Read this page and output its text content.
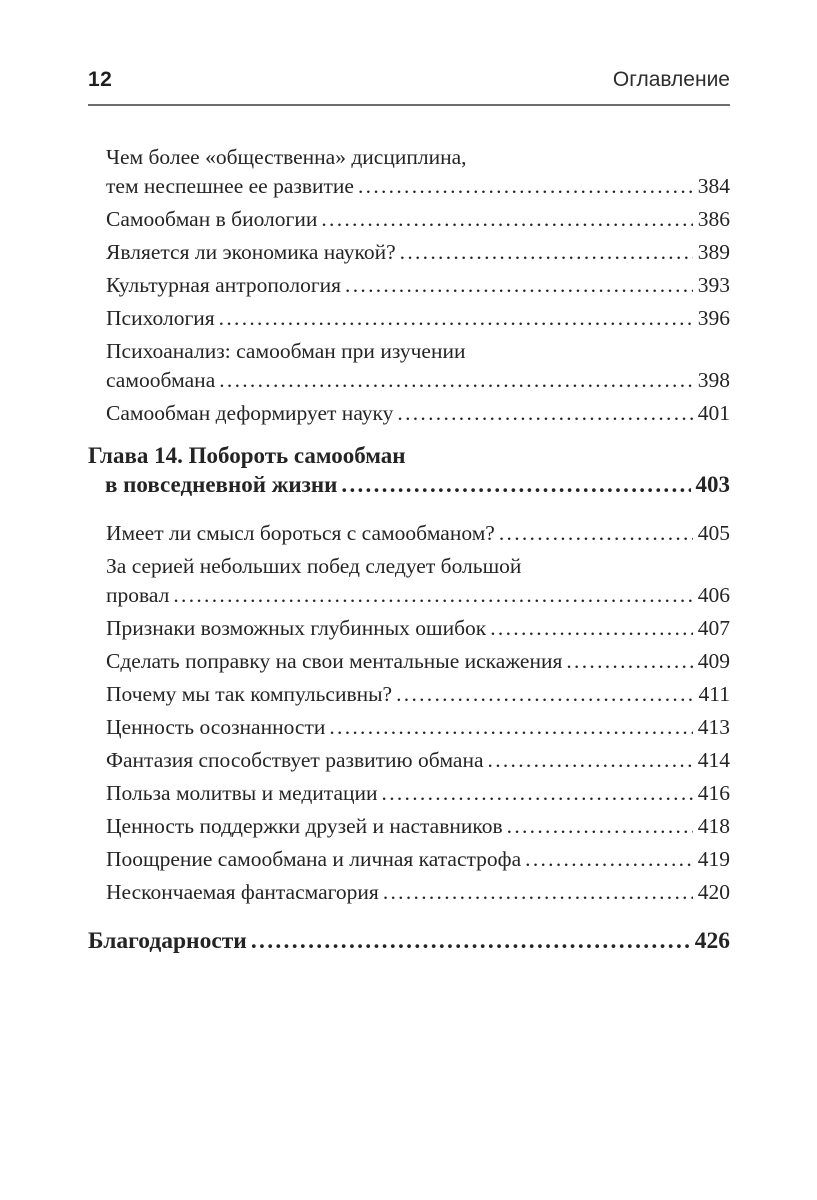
12	Оглавление
Чем более «общественна» дисциплина,
тем неспешнее ее развитие .....	384
Самообман в биологии .....	386
Является ли экономика наукой? .....	389
Культурная антропология .....	393
Психология .....	396
Психоанализ: самообман при изучении
самообмана .....	398
Самообман деформирует науку .....	401
Глава 14. Побороть самообман
в повседневной жизни .....	403
Имеет ли смысл бороться с самообманом? .....	405
За серией небольших побед следует большой
провал .....	406
Признаки возможных глубинных ошибок .....	407
Сделать поправку на свои ментальные искажения .....	409
Почему мы так компульсивны? .....	411
Ценность осознанности .....	413
Фантазия способствует развитию обмана .....	414
Польза молитвы и медитации .....	416
Ценность поддержки друзей и наставников .....	418
Поощрение самообмана и личная катастрофа .....	419
Нескончаемая фантасмагория .....	420
Благодарности .....	426
